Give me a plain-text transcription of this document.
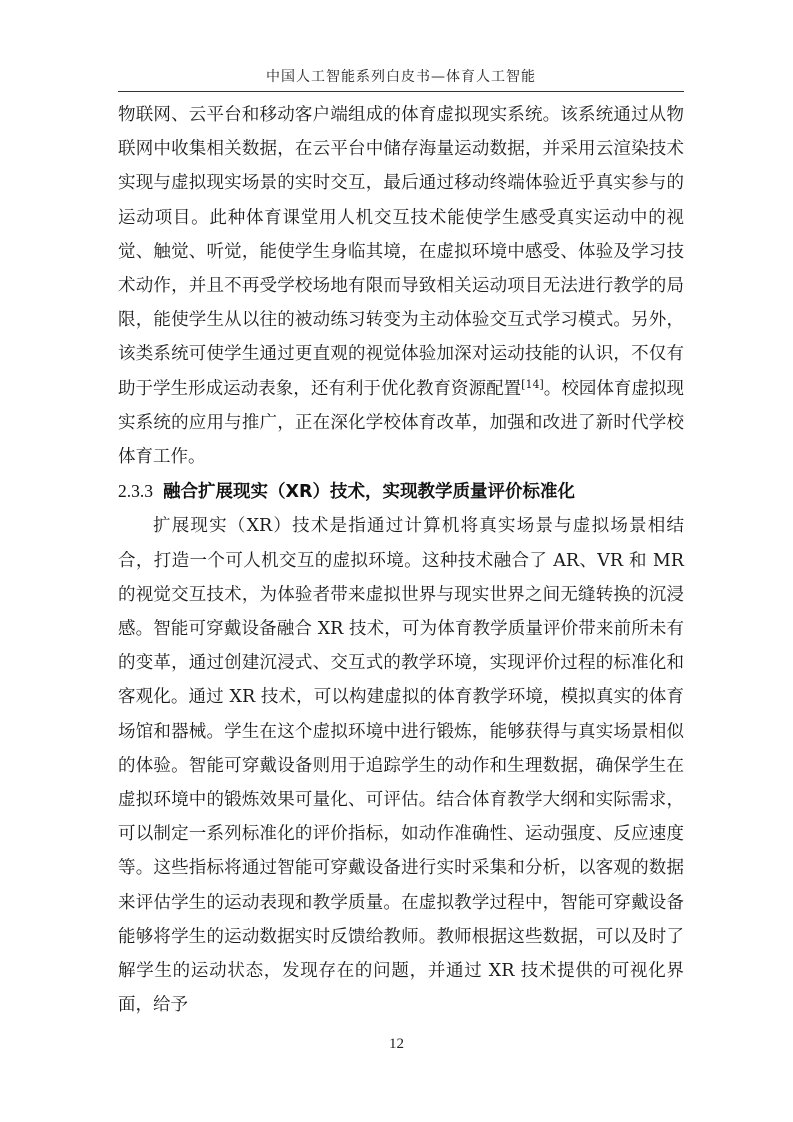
中国人工智能系列白皮书—体育人工智能

物联网、云平台和移动客户端组成的体育虚拟现实系统。该系统通过从物联网中收集相关数据，在云平台中储存海量运动数据，并采用云渲染技术实现与虚拟现实场景的实时交互，最后通过移动终端体验近乎真实参与的运动项目。此种体育课堂用人机交互技术能使学生感受真实运动中的视觉、触觉、听觉，能使学生身临其境，在虚拟环境中感受、体验及学习技术动作，并且不再受学校场地有限而导致相关运动项目无法进行教学的局限，能使学生从以往的被动练习转变为主动体验交互式学习模式。另外，该类系统可使学生通过更直观的视觉体验加深对运动技能的认识，不仅有助于学生形成运动表象，还有利于优化教育资源配置[14]。校园体育虚拟现实系统的应用与推广，正在深化学校体育改革，加强和改进了新时代学校体育工作。

2.3.3 融合扩展现实（XR）技术，实现教学质量评价标准化

扩展现实（XR）技术是指通过计算机将真实场景与虚拟场景相结合，打造一个可人机交互的虚拟环境。这种技术融合了 AR、VR 和 MR 的视觉交互技术，为体验者带来虚拟世界与现实世界之间无缝转换的沉浸感。智能可穿戴设备融合 XR 技术，可为体育教学质量评价带来前所未有的变革，通过创建沉浸式、交互式的教学环境，实现评价过程的标准化和客观化。通过 XR 技术，可以构建虚拟的体育教学环境，模拟真实的体育场馆和器械。学生在这个虚拟环境中进行锻炼，能够获得与真实场景相似的体验。智能可穿戴设备则用于追踪学生的动作和生理数据，确保学生在虚拟环境中的锻炼效果可量化、可评估。结合体育教学大纲和实际需求，可以制定一系列标准化的评价指标，如动作准确性、运动强度、反应速度等。这些指标将通过智能可穿戴设备进行实时采集和分析，以客观的数据来评估学生的运动表现和教学质量。在虚拟教学过程中，智能可穿戴设备能够将学生的运动数据实时反馈给教师。教师根据这些数据，可以及时了解学生的运动状态，发现存在的问题，并通过 XR 技术提供的可视化界面，给予

12
